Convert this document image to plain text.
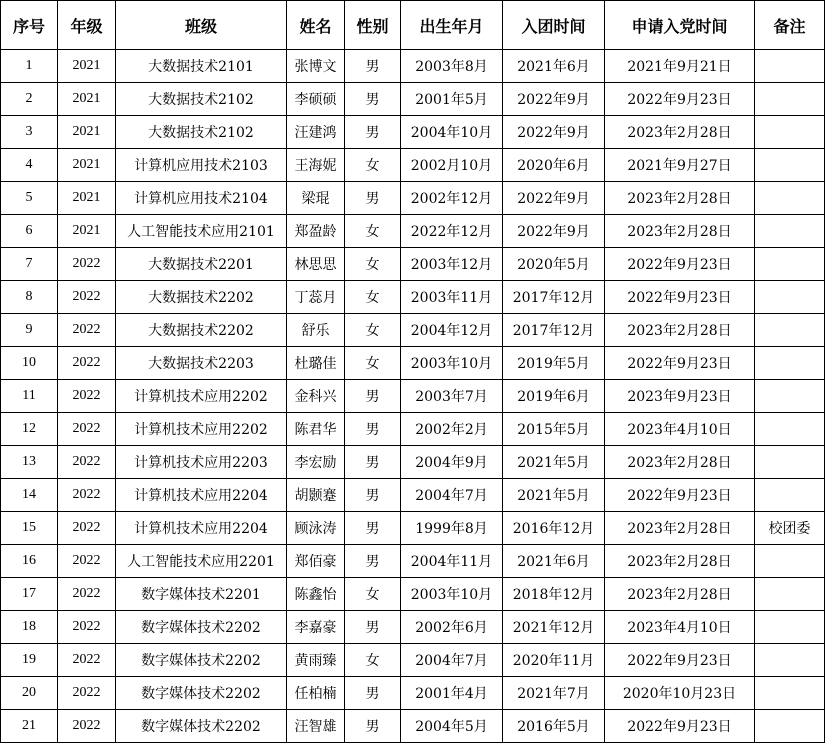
序号	年级	班级	姓名	性别	出生年月	入团时间	申请入党时间	备注
1	2021	大数据技术2101	张博文	男	2003年8月	2021年6月	2021年9月21日	
2	2021	大数据技术2102	李硕硕	男	2001年5月	2022年9月	2022年9月23日	
3	2021	大数据技术2102	汪建鸿	男	2004年10月	2022年9月	2023年2月28日	
4	2021	计算机应用技术2103	王海妮	女	2002月10月	2020年6月	2021年9月27日	
5	2021	计算机应用技术2104	梁琨	男	2002年12月	2022年9月	2023年2月28日	
6	2021	人工智能技术应用2101	郑盈龄	女	2022年12月	2022年9月	2023年2月28日	
7	2022	大数据技术2201	林思思	女	2003年12月	2020年5月	2022年9月23日	
8	2022	大数据技术2202	丁蕊月	女	2003年11月	2017年12月	2022年9月23日	
9	2022	大数据技术2202	舒乐	女	2004年12月	2017年12月	2023年2月28日	
10	2022	大数据技术2203	杜璐佳	女	2003年10月	2019年5月	2022年9月23日	
11	2022	计算机技术应用2202	金科兴	男	2003年7月	2019年6月	2023年9月23日	
12	2022	计算机技术应用2202	陈君华	男	2002年2月	2015年5月	2023年4月10日	
13	2022	计算机技术应用2203	李宏励	男	2004年9月	2021年5月	2023年2月28日	
14	2022	计算机技术应用2204	胡颢蹇	男	2004年7月	2021年5月	2022年9月23日	
15	2022	计算机技术应用2204	顾泳涛	男	1999年8月	2016年12月	2023年2月28日	校团委
16	2022	人工智能技术应用2201	郑佰豪	男	2004年11月	2021年6月	2023年2月28日	
17	2022	数字媒体技术2201	陈鑫怡	女	2003年10月	2018年12月	2023年2月28日	
18	2022	数字媒体技术2202	李嘉豪	男	2002年6月	2021年12月	2023年4月10日	
19	2022	数字媒体技术2202	黄雨臻	女	2004年7月	2020年11月	2022年9月23日	
20	2022	数字媒体技术2202	任柏楠	男	2001年4月	2021年7月	2020年10月23日	
21	2022	数字媒体技术2202	汪智雄	男	2004年5月	2016年5月	2022年9月23日	
